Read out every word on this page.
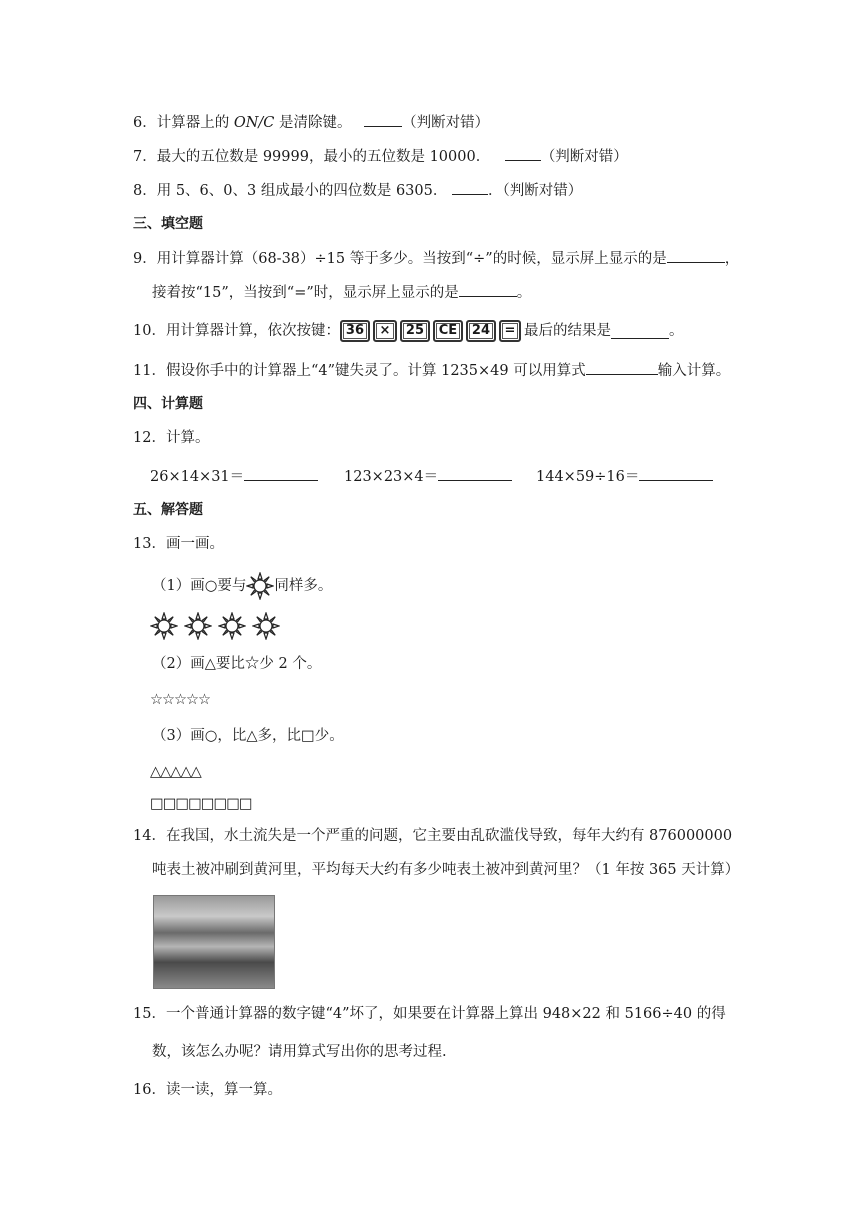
6．计算器上的 ON/C 是清除键。	（判断对错）
7．最大的五位数是 99999，最小的五位数是 10000．	（判断对错）
8．用 5、6、0、3 组成最小的四位数是 6305．	．（判断对错）
三、填空题
9．用计算器计算（68-38）÷15 等于多少。当按到“÷”的时候，显示屏上显示的是	，
接着按“15”，当按到“=”时，显示屏上显示的是	。
10．用计算器计算，依次按键： 36 × 25 CE 24 = 最后的结果是	。
11．假设你手中的计算器上“4”键失灵了。计算 1235×49 可以用算式	输入计算。
四、计算题
12．计算。
26×14×31＝	123×23×4＝	144×59÷16＝
五、解答题
13．画一画。
（1）画○要与 同样多。
（2）画△要比☆少 2 个。
☆☆☆☆☆
（3）画○，比△多，比□少。
△△△△△
□□□□□□□□
14．在我国，水土流失是一个严重的问题，它主要由乱砍滥伐导致，每年大约有 876000000
吨表土被冲刷到黄河里，平均每天大约有多少吨表土被冲到黄河里？（1 年按 365 天计算）
15．一个普通计算器的数字键“4”坏了，如果要在计算器上算出 948×22 和 5166÷40 的得
数，该怎么办呢？请用算式写出你的思考过程.
16．读一读，算一算。
